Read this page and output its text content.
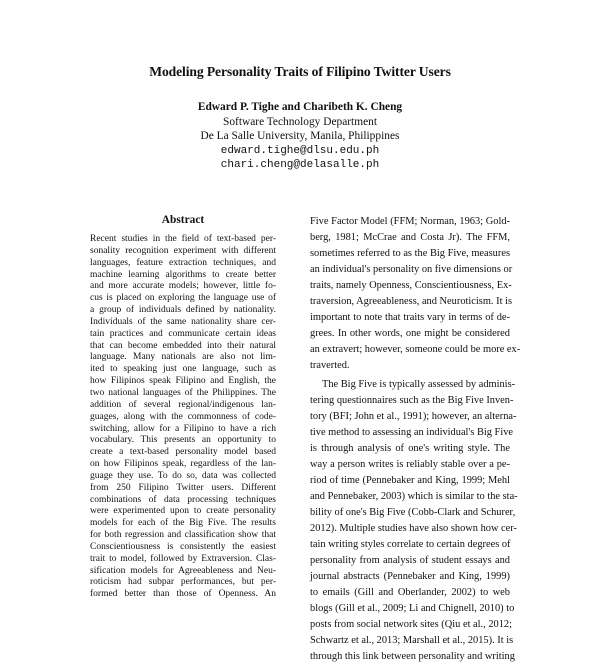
Modeling Personality Traits of Filipino Twitter Users
Edward P. Tighe and Charibeth K. Cheng
Software Technology Department
De La Salle University, Manila, Philippines
edward.tighe@dlsu.edu.ph
chari.cheng@delasalle.ph
Abstract
Recent studies in the field of text-based per-
sonality recognition experiment with different
languages, feature extraction techniques, and
machine learning algorithms to create better
and more accurate models; however, little fo-
cus is placed on exploring the language use of
a group of individuals defined by nationality.
Individuals of the same nationality share cer-
tain practices and communicate certain ideas
that can become embedded into their natural
language. Many nationals are also not lim-
ited to speaking just one language, such as
how Filipinos speak Filipino and English, the
two national languages of the Philippines. The
addition of several regional/indigenous lan-
guages, along with the commonness of code-
switching, allow for a Filipino to have a rich
vocabulary. This presents an opportunity to
create a text-based personality model based
on how Filipinos speak, regardless of the lan-
guage they use. To do so, data was collected
from 250 Filipino Twitter users. Different
combinations of data processing techniques
were experimented upon to create personality
models for each of the Big Five. The results
for both regression and classification show that
Conscientiousness is consistently the easiest
trait to model, followed by Extraversion. Clas-
sification models for Agreeableness and Neu-
roticism had subpar performances, but per-
formed better than those of Openness. An
Five Factor Model (FFM; Norman, 1963; Gold-
berg, 1981; McCrae and Costa Jr). The FFM,
sometimes referred to as the Big Five, measures
an individual's personality on five dimensions or
traits, namely Openness, Conscientiousness, Ex-
traversion, Agreeableness, and Neuroticism. It is
important to note that traits vary in terms of de-
grees. In other words, one might be considered
an extravert; however, someone could be more ex-
traverted.
The Big Five is typically assessed by adminis-
tering questionnaires such as the Big Five Inven-
tory (BFI; John et al., 1991); however, an alterna-
tive method to assessing an individual's Big Five
is through analysis of one's writing style. The
way a person writes is reliably stable over a pe-
riod of time (Pennebaker and King, 1999; Mehl
and Pennebaker, 2003) which is similar to the sta-
bility of one's Big Five (Cobb-Clark and Schurer,
2012). Multiple studies have also shown how cer-
tain writing styles correlate to certain degrees of
personality from analysis of student essays and
journal abstracts (Pennebaker and King, 1999)
to emails (Gill and Oberlander, 2002) to web
blogs (Gill et al., 2009; Li and Chignell, 2010) to
posts from social network sites (Qiu et al., 2012;
Schwartz et al., 2013; Marshall et al., 2015). It is
through this link between personality and writing
